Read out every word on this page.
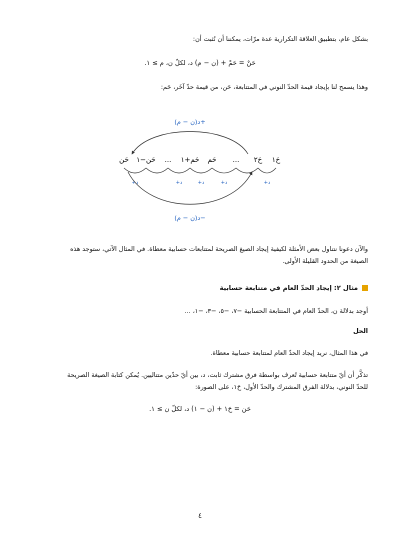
بشكل عام، بتطبيق العلاقة التكرارية عدة مرّات، يمكننا أن نُثبت أن:
حَنْ = حَمْ + (ن − م) د، لكلّ ن، م ≥ ١.
وهذا يسمح لنا بإيجاد قيمة الحدّ النوني في المتتابعة، حَن، من قيمة حدّ آخَر، حَم:
(ن − م)د+
حَ١
حَ٢
...
حَم
حَم+١
...
حَن−١
حَن
+د
+د
+د
+د
+د
(ن − م)د−
والآن دعونا نتناول بعض الأمثلة لكيفية إيجاد الصيغ الصريحة لمتتابعات حسابية معطاة. في المثال الآتي، ستوجد هذه
الصيغة من الحدود القليلة الأولى.
مثال ٢: إيجاد الحدّ العام في متتابعة حسابية
أوجد بدلالة ن، الحدّ العام في المتتابعة الحسابية −٧، −٥، −٣، −١، ...
الحل
في هذا المثال، نريد إيجاد الحدّ العام لمتتابعة حسابية معطاة.
تذكَّر أن أيّ متتابعة حسابية تُعرف بواسطة فرق مشترك ثابت، د، بين أيّ حدّين متتاليين. يُمكن كتابة الصيغة الصريحة
للحدّ النوني، بدلالة الفرق المشترك والحدّ الأول، حَ١، على الصورة:
حَن = حَ١ + (ن − ١) د، لكلّ ن ≥ ١.
٤
